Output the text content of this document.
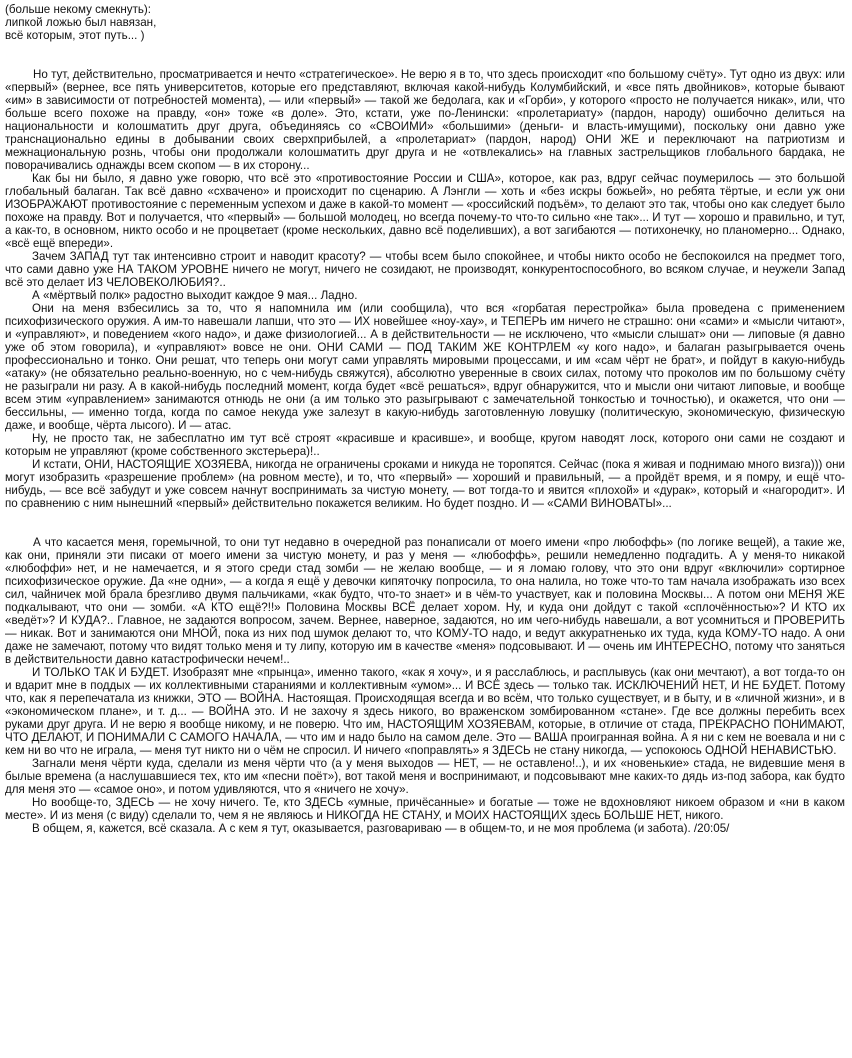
(больше некому смекнуть):

липкой ложью был навязан,

всё которым, этот путь... )

Но тут, действительно, просматривается и нечто «стратегическое». Не верю я в то, что здесь происходит «по большому счёту». Тут одно из двух: или «первый» (вернее, все пять университетов, которые его представляют, включая какой-нибудь Колумбийский, и «все пять двойников», которые бывают «им» в зависимости от потребностей момента), — или «первый» — такой же бедолага, как и «Горби», у которого «просто не получается никак», или, что больше всего похоже на правду, «он» тоже «в доле». Это, кстати, уже по-Ленински: «пролетариату» (пардон, народу) ошибочно делиться на национальности и колошматить друг друга, объединяясь со «СВОИМИ» «большими» (деньги- и власть-имущими), поскольку они давно уже транснационально едины в добывании своих сверхприбылей, а «пролетариат» (пардон, народ) ОНИ ЖЕ и переключают на патриотизм и межнациональную рознь, чтобы они продолжали колошматить друг друга и не «отвлекались» на главных застрельщиков глобального бардака, не поворачивались однажды всем скопом — в их сторону...

Как бы ни было, я давно уже говорю, что всё это «противостояние России и США», которое, как раз, вдруг сейчас поумерилось — это большой глобальный балаган. Так всё давно «схвачено» и происходит по сценарию. А Лэнгли — хоть и «без искры божьей», но ребята тёртые, и если уж они ИЗОБРАЖАЮТ противостояние с переменным успехом и даже в какой-то момент — «российский подъём», то делают это так, чтобы оно как следует было похоже на правду. Вот и получается, что «первый» — большой молодец, но всегда почему-то что-то сильно «не так»... И тут — хорошо и правильно, и тут, а как-то, в основном, никто особо и не процветает (кроме нескольких, давно всё поделивших), а вот загибаются — потихонечку, но планомерно... Однако, «всё ещё впереди».

Зачем ЗАПАД тут так интенсивно строит и наводит красоту? — чтобы всем было спокойнее, и чтобы никто особо не беспокоился на предмет того, что сами давно уже НА ТАКОМ УРОВНЕ ничего не могут, ничего не созидают, не производят, конкурентоспособного, во всяком случае, и неужели Запад всё это делает ИЗ ЧЕЛОВЕКОЛЮБИЯ?..

А «мёртвый полк» радостно выходит каждое 9 мая... Ладно.

Они на меня взбесились за то, что я напомнила им (или сообщила), что вся «горбатая перестройка» была проведена с применением психофизического оружия. А им-то навешали лапши, что это — ИХ новейшее «ноу-хау», и ТЕПЕРЬ им ничего не страшно: они «сами» и «мысли читают», и «управляют», и поведением «кого надо», и даже физиологией... А в действительности — не исключено, что «мысли слышат» они — липовые (я давно уже об этом говорила), и «управляют» вовсе не они. ОНИ САМИ — ПОД ТАКИМ ЖЕ КОНТРЛЕМ «у кого надо», и балаган разыгрывается очень профессионально и тонко. Они решат, что теперь они могут сами управлять мировыми процессами, и им «сам чёрт не брат», и пойдут в какую-нибудь «атаку» (не обязательно реально-военную, но с чем-нибудь свяжутся), абсолютно уверенные в своих силах, потому что проколов им по большому счёту не разыграли ни разу. А в какой-нибудь последний момент, когда будет «всё решаться», вдруг обнаружится, что и мысли они читают липовые, и вообще всем этим «управлением» занимаются отнюдь не они (а им только это разыгрывают с замечательной тонкостью и точностью), и окажется, что они — бессильны, — именно тогда, когда по самое некуда уже залезут в какую-нибудь заготовленную ловушку (политическую, экономическую, физическую даже, и вообще, чёрта лысого). И — атас.

Ну, не просто так, не забесплатно им тут всё строят «красивше и красивше», и вообще, кругом наводят лоск, которого они сами не создают и которым не управляют (кроме собственного экстерьера)!..

И кстати, ОНИ, НАСТОЯЩИЕ ХОЗЯЕВА, никогда не ограничены сроками и никуда не торопятся. Сейчас (пока я живая и поднимаю много визга))) они могут изобразить «разрешение проблем» (на ровном месте), и то, что «первый» — хороший и правильный, — а пройдёт время, и я помру, и ещё что-нибудь, — все всё забудут и уже совсем начнут воспринимать за чистую монету, — вот тогда-то и явится «плохой» и «дурак», который и «нагородит». И по сравнению с ним нынешний «первый» действительно покажется великим. Но будет поздно. И — «САМИ ВИНОВАТЫ»...

А что касается меня, горемычной, то они тут недавно в очередной раз понаписали от моего имени «про любоффь» (по логике вещей), а такие же, как они, приняли эти писаки от моего имени за чистую монету, и раз у меня — «любоффь», решили немедленно подгадить. А у меня-то никакой «любоффи» нет, и не намечается, и я этого среди стад зомби — не желаю вообще, — и я ломаю голову, что это они вдруг «включили» сортирное психофизическое оружие. Да «не одни», — а когда я ещё у девочки кипяточку попросила, то она налила, но тоже что-то там начала изображать изо всех сил, чайничек мой брала брезгливо двумя пальчиками, «как будто, что-то знает» и в чём-то участвует, как и половина Москвы... А потом они МЕНЯ ЖЕ подкалывают, что они — зомби. «А КТО ещё?!!» Половина Москвы ВСЁ делает хором. Ну, и куда они дойдут с такой «сплочённостью»? И КТО их «ведёт»? И КУДА?.. Главное, не задаются вопросом, зачем. Вернее, наверное, задаются, но им чего-нибудь навешали, а вот усомниться и ПРОВЕРИТЬ — никак. Вот и занимаются они МНОЙ, пока из них под шумок делают то, что КОМУ-ТО надо, и ведут аккуратненько их туда, куда КОМУ-ТО надо. А они даже не замечают, потому что видят только меня и ту липу, которую им в качестве «меня» подсовывают. И — очень им ИНТЕРЕСНО, потому что заняться в действительности давно катастрофически нечем!..

И ТОЛЬКО ТАК И БУДЕТ. Изобразят мне «прынца», именно такого, «как я хочу», и я расслаблюсь, и расплывусь (как они мечтают), а вот тогда-то он и вдарит мне в поддых — их коллективными стараниями и коллективным «умом»... И ВСЁ здесь — только так. ИСКЛЮЧЕНИЙ НЕТ, И НЕ БУДЕТ. Потому что, как я перепечатала из книжки, ЭТО — ВОЙНА. Настоящая. Происходящая всегда и во всём, что только существует, и в быту, и в «личной жизни», и в «экономическом плане», и т. д... — ВОЙНА это. И не захочу я здесь никого, во враженском зомбированном «стане». Где все должны перебить всех руками друг друга. И не верю я вообще никому, и не поверю. Что им, НАСТОЯЩИМ ХОЗЯЕВАМ, которые, в отличие от стада, ПРЕКРАСНО ПОНИМАЮТ, ЧТО ДЕЛАЮТ, И ПОНИМАЛИ С САМОГО НАЧАЛА, — что им и надо было на самом деле. Это — ВАША проигранная война. А я ни с кем не воевала и ни с кем ни во что не играла, — меня тут никто ни о чём не спросил. И ничего «поправлять» я ЗДЕСЬ не стану никогда, — успокоюсь ОДНОЙ НЕНАВИСТЬЮ.

Загнали меня чёрти куда, сделали из меня чёрти что (а у меня выходов — НЕТ, — не оставлено!..), и их «новенькие» стада, не видевшие меня в былые времена (а наслушавшиеся тех, кто им «песни поёт»), вот такой меня и воспринимают, и подсовывают мне каких-то дядь из-под забора, как будто для меня это — «самое оно», и потом удивляются, что я «ничего не хочу».

Но вообще-то, ЗДЕСЬ — не хочу ничего. Те, кто ЗДЕСЬ «умные, причёсанные» и богатые — тоже не вдохновляют никоем образом и «ни в каком месте». И из меня (с виду) сделали то, чем я не являюсь и НИКОГДА НЕ СТАНУ, и МОИХ НАСТОЯЩИХ здесь БОЛЬШЕ НЕТ, никого.

В общем, я, кажется, всё сказала. А с кем я тут, оказывается, разговариваю — в общем-то, и не моя проблема (и забота). /20:05/
